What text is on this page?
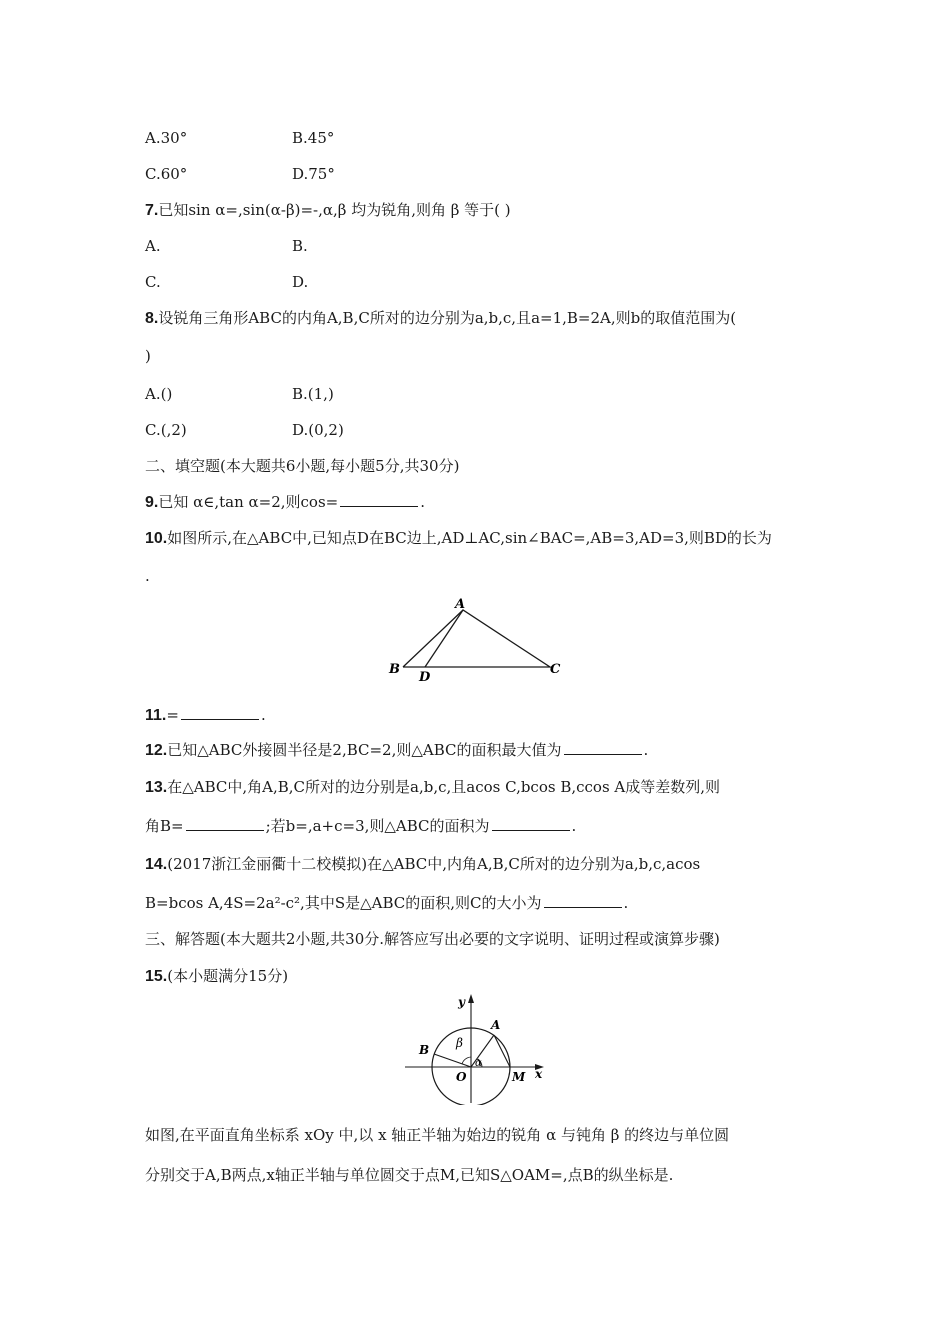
A.30°	B.45°
C.60°	D.75°
7.已知sin α=,sin(α-β)=-,α,β 均为锐角,则角 β 等于( )
A.	B.
C.	D.
8.设锐角三角形ABC的内角A,B,C所对的边分别为a,b,c,且a=1,B=2A,则b的取值范围为(
)
A.()	B.(1,)
C.(,2)	D.(0,2)
二、填空题(本大题共6小题,每小题5分,共30分)
9.已知 α∈,tan α=2,则cos=	.
10.如图所示,在△ABC中,已知点D在BC边上,AD⊥AC,sin∠BAC=,AB=3,AD=3,则BD的长为
.
A
B	C
D
11.=	.
12.已知△ABC外接圆半径是2,BC=2,则△ABC的面积最大值为	.
13.在△ABC中,角A,B,C所对的边分别是a,b,c,且acos C,bcos B,ccos A成等差数列,则
角B=	;若b=,a+c=3,则△ABC的面积为	.
14.(2017浙江金丽衢十二校模拟)在△ABC中,内角A,B,C所对的边分别为a,b,c,acos
B=bcos A,4S=2a²-c²,其中S是△ABC的面积,则C的大小为	.
三、解答题(本大题共2小题,共30分.解答应写出必要的文字说明、证明过程或演算步骤)
15.(本小题满分15分)
y
x
A
B
O	M
α
β
如图,在平面直角坐标系 xOy 中,以 x 轴正半轴为始边的锐角 α 与钝角 β 的终边与单位圆
分别交于A,B两点,x轴正半轴与单位圆交于点M,已知S△OAM=,点B的纵坐标是.
